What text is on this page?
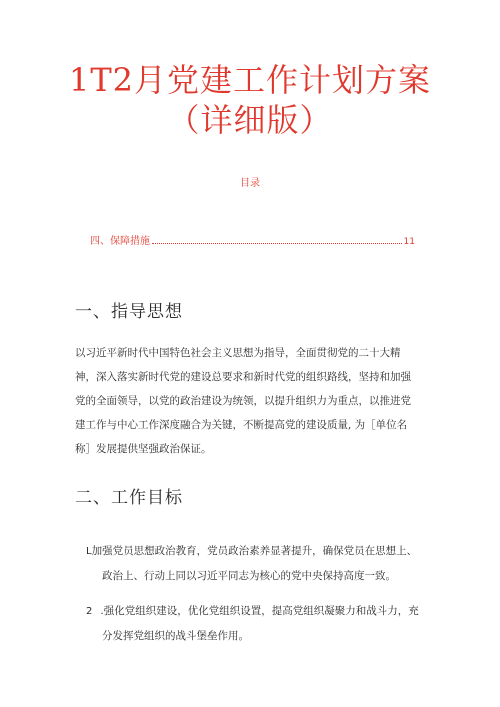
1T2月党建工作计划方案
（详细版）
目录
四、保障措施	11
一、指导思想
以习近平新时代中国特色社会主义思想为指导，全面贯彻党的二十大精
神，深入落实新时代党的建设总要求和新时代党的组织路线，坚持和加强
党的全面领导，以党的政治建设为统领，以提升组织力为重点，以推进党
建工作与中心工作深度融合为关键，不断提高党的建设质量, 为［单位名
称］发展提供坚强政治保证。
二、工作目标
L加强党员思想政治教育，党员政治素养显著提升，确保党员在思想上、
政治上、行动上同以习近平同志为核心的党中央保持高度一致。
2 .强化党组织建设，优化党组织设置，提高党组织凝聚力和战斗力，充
分发挥党组织的战斗堡垒作用。
